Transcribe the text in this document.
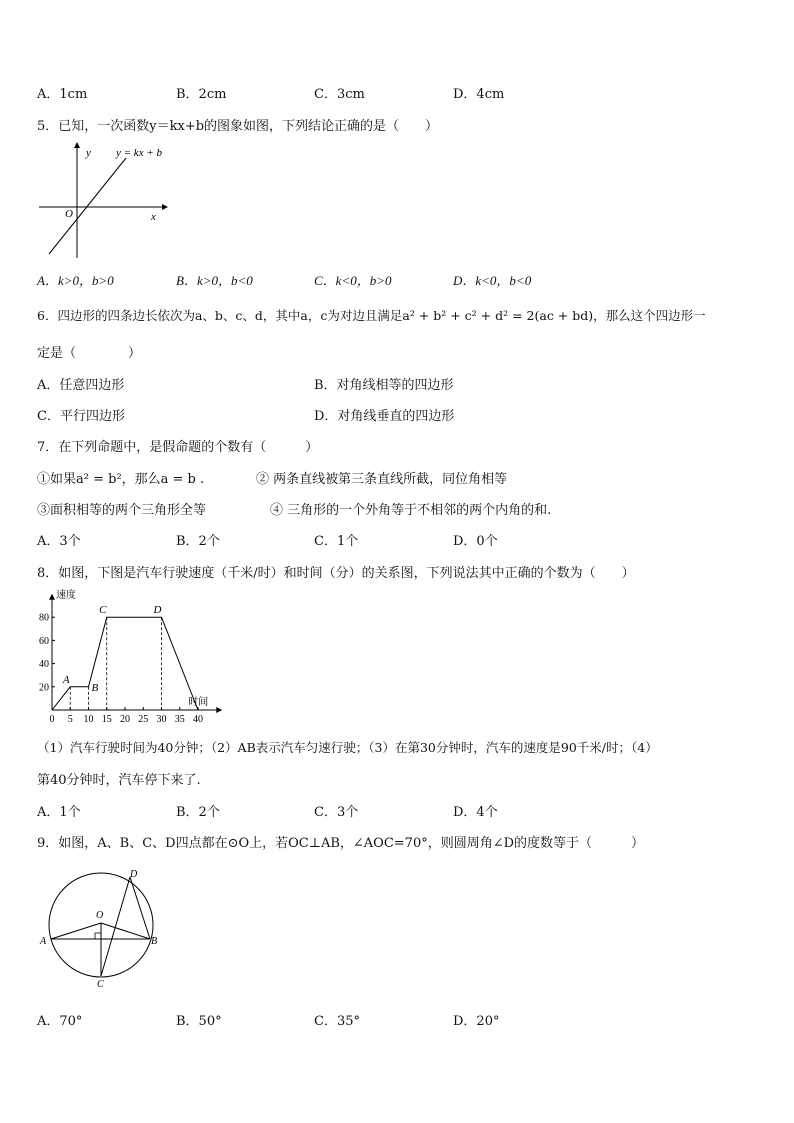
A．1cm	B．2cm	C．3cm	D．4cm
5．已知，一次函数y＝kx+b的图象如图，下列结论正确的是（　　）
y
x
O
y = kx + b
A．k>0，b>0	B．k>0，b<0	C．k<0，b>0	D．k<0，b<0
6．四边形的四条边长依次为a、b、c、d，其中a，c为对边且满足a² + b² + c² + d² = 2(ac + bd)，那么这个四边形一
定是（　　　　）
A．任意四边形	B．对角线相等的四边形
C．平行四边形	D．对角线垂直的四边形
7．在下列命题中，是假命题的个数有（　　　）
①如果a² = b²，那么a = b .	② 两条直线被第三条直线所截，同位角相等
③面积相等的两个三角形全等	④ 三角形的一个外角等于不相邻的两个内角的和.
A．3个	B．2个	C．1个	D．0个
8．如图，下图是汽车行驶速度（千米/时）和时间（分）的关系图，下列说法其中正确的个数为（　　）
速度
时间
0 5 10 15 20 25 30 35 40
20
40
60
80
A
B
C	D
（1）汽车行驶时间为40分钟；（2）AB表示汽车匀速行驶；（3）在第30分钟时，汽车的速度是90千米/时；（4）
第40分钟时，汽车停下来了.
A．1个	B．2个	C．3个	D．4个
9．如图，A、B、C、D四点都在⊙O上，若OC⊥AB，∠AOC=70°，则圆周角∠D的度数等于（　　　）
A	B
C
D
O
A．70°	B．50°	C．35°	D．20°
